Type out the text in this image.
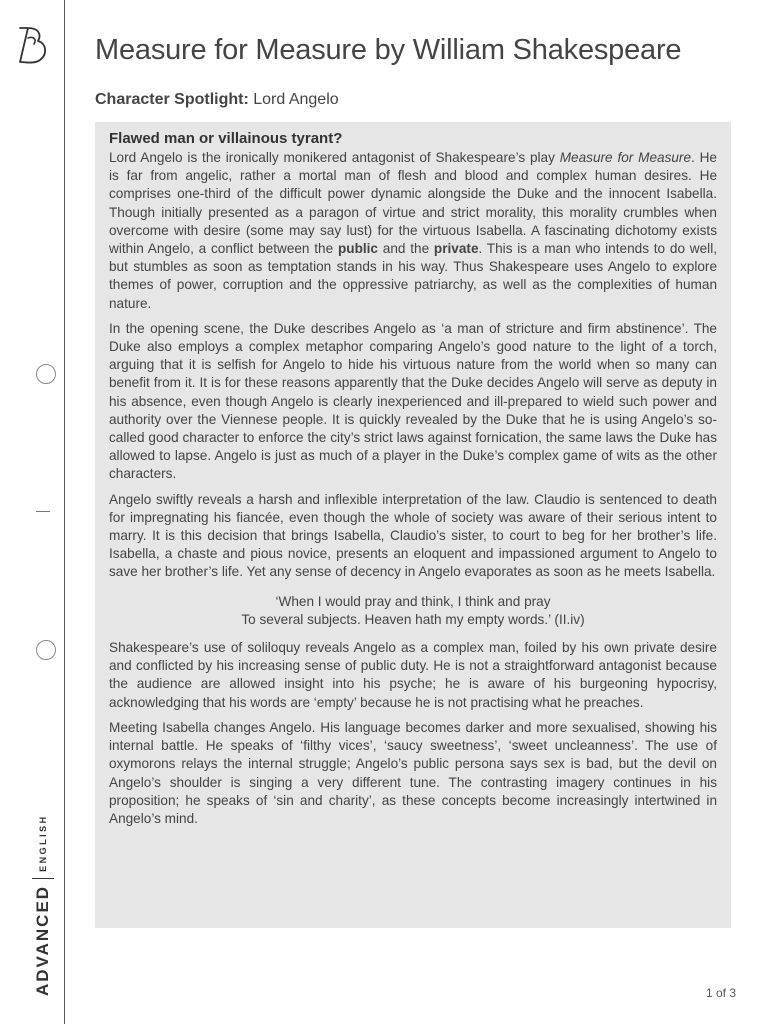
ADVANCED
ENGLISH
Measure for Measure by William Shakespeare
Character Spotlight: Lord Angelo
Flawed man or villainous tyrant?

Lord Angelo is the ironically monikered antagonist of Shakespeare’s play Measure for Measure. He is far from angelic, rather a mortal man of flesh and blood and complex human desires. He comprises one-third of the difficult power dynamic alongside the Duke and the innocent Isabella. Though initially presented as a paragon of virtue and strict morality, this morality crumbles when overcome with desire (some may say lust) for the virtuous Isabella. A fascinating dichotomy exists within Angelo, a conflict between the public and the private. This is a man who intends to do well, but stumbles as soon as temptation stands in his way. Thus Shakespeare uses Angelo to explore themes of power, corruption and the oppressive patriarchy, as well as the complexities of human nature.

In the opening scene, the Duke describes Angelo as ‘a man of stricture and firm abstinence’. The Duke also employs a complex metaphor comparing Angelo’s good nature to the light of a torch, arguing that it is selfish for Angelo to hide his virtuous nature from the world when so many can benefit from it. It is for these reasons apparently that the Duke decides Angelo will serve as deputy in his absence, even though Angelo is clearly inexperienced and ill-prepared to wield such power and authority over the Viennese people. It is quickly revealed by the Duke that he is using Angelo’s so-called good character to enforce the city’s strict laws against fornication, the same laws the Duke has allowed to lapse. Angelo is just as much of a player in the Duke’s complex game of wits as the other characters.

Angelo swiftly reveals a harsh and inflexible interpretation of the law. Claudio is sentenced to death for impregnating his fiancée, even though the whole of society was aware of their serious intent to marry. It is this decision that brings Isabella, Claudio’s sister, to court to beg for her brother’s life. Isabella, a chaste and pious novice, presents an eloquent and impassioned argument to Angelo to save her brother’s life. Yet any sense of decency in Angelo evaporates as soon as he meets Isabella.

‘When I would pray and think, I think and pray
To several subjects. Heaven hath my empty words.’ (II.iv)

Shakespeare’s use of soliloquy reveals Angelo as a complex man, foiled by his own private desire and conflicted by his increasing sense of public duty. He is not a straightforward antagonist because the audience are allowed insight into his psyche; he is aware of his burgeoning hypocrisy, acknowledging that his words are ‘empty’ because he is not practising what he preaches.

Meeting Isabella changes Angelo. His language becomes darker and more sexualised, showing his internal battle. He speaks of ‘filthy vices’, ‘saucy sweetness’, ‘sweet uncleanness’. The use of oxymorons relays the internal struggle; Angelo’s public persona says sex is bad, but the devil on Angelo’s shoulder is singing a very different tune. The contrasting imagery continues in his proposition; he speaks of ‘sin and charity’, as these concepts become increasingly intertwined in Angelo’s mind.

1 of 3
